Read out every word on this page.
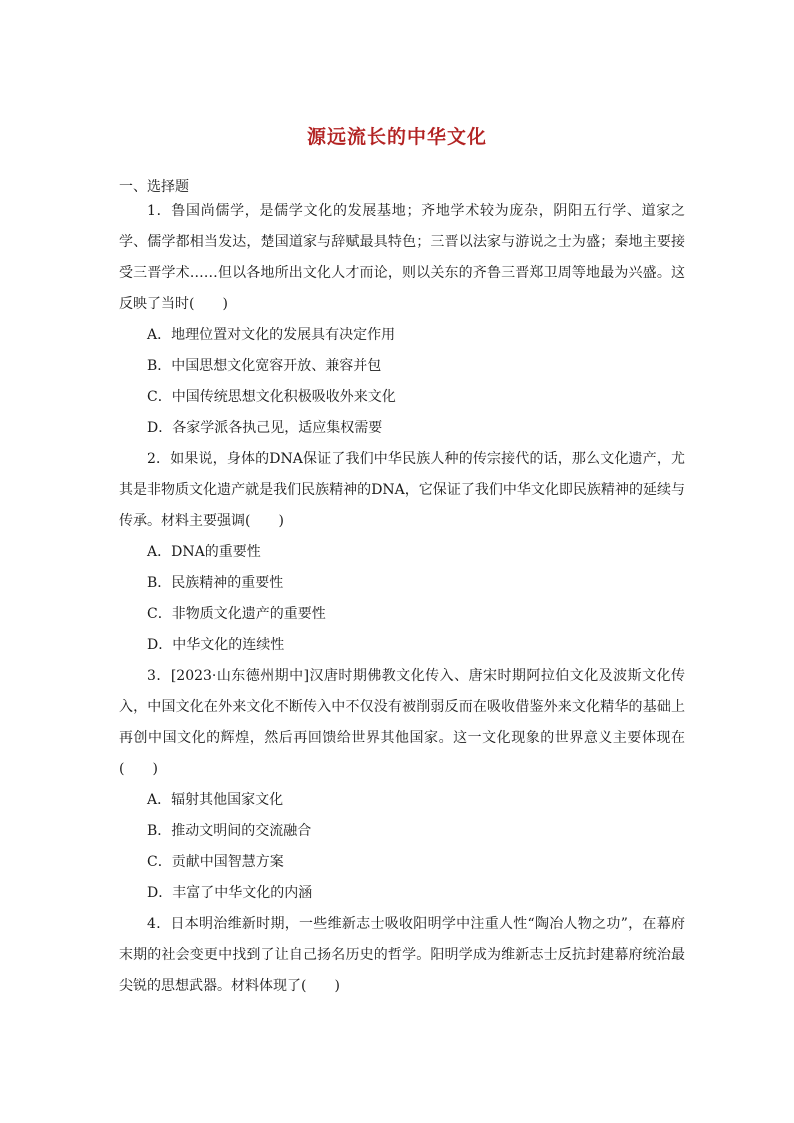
源远流长的中华文化
一、选择题
1．鲁国尚儒学，是儒学文化的发展基地；齐地学术较为庞杂，阴阳五行学、道家之学、儒学都相当发达，楚国道家与辞赋最具特色；三晋以法家与游说之士为盛；秦地主要接受三晋学术……但以各地所出文化人才而论，则以关东的齐鲁三晋郑卫周等地最为兴盛。这反映了当时(　　)
A．地理位置对文化的发展具有决定作用
B．中国思想文化宽容开放、兼容并包
C．中国传统思想文化积极吸收外来文化
D．各家学派各执己见，适应集权需要
2．如果说，身体的DNA保证了我们中华民族人种的传宗接代的话，那么文化遗产，尤其是非物质文化遗产就是我们民族精神的DNA，它保证了我们中华文化即民族精神的延续与传承。材料主要强调(　　)
A．DNA的重要性
B．民族精神的重要性
C．非物质文化遗产的重要性
D．中华文化的连续性
3．[2023·山东德州期中]汉唐时期佛教文化传入、唐宋时期阿拉伯文化及波斯文化传入，中国文化在外来文化不断传入中不仅没有被削弱反而在吸收借鉴外来文化精华的基础上再创中国文化的辉煌，然后再回馈给世界其他国家。这一文化现象的世界意义主要体现在(　　)
A．辐射其他国家文化
B．推动文明间的交流融合
C．贡献中国智慧方案
D．丰富了中华文化的内涵
4．日本明治维新时期，一些维新志士吸收阳明学中注重人性“陶冶人物之功”，在幕府末期的社会变更中找到了让自己扬名历史的哲学。阳明学成为维新志士反抗封建幕府统治最尖锐的思想武器。材料体现了(　　)
